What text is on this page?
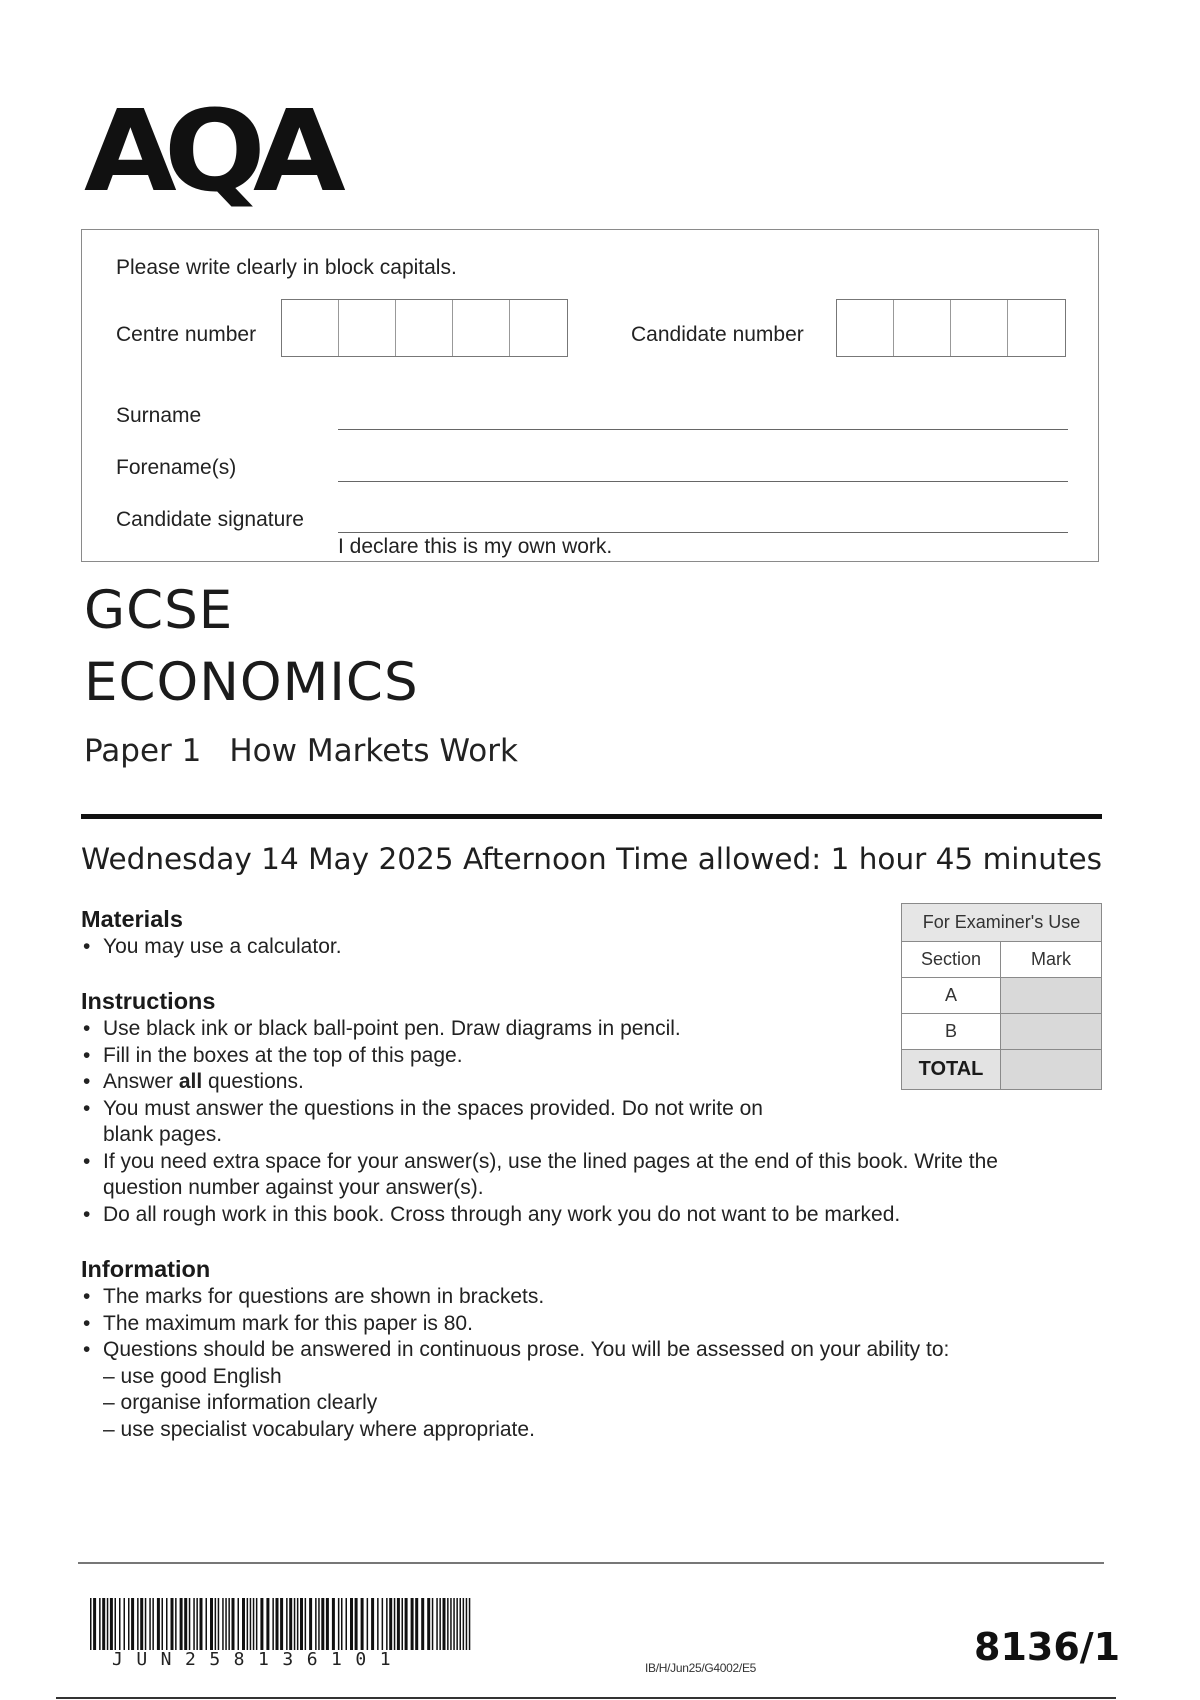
AQA
Please write clearly in block capitals.
Centre number	Candidate number
Surname
Forename(s)
Candidate signature
I declare this is my own work.
GCSE
ECONOMICS
Paper 1 How Markets Work
Wednesday 14 May 2025 Afternoon Time allowed: 1 hour 45 minutes
Materials
• You may use a calculator.
Instructions
• Use black ink or black ball-point pen. Draw diagrams in pencil.
• Fill in the boxes at the top of this page.
• Answer all questions.
• You must answer the questions in the spaces provided. Do not write on
blank pages.
• If you need extra space for your answer(s), use the lined pages at the end of this book. Write the
question number against your answer(s).
• Do all rough work in this book. Cross through any work you do not want to be marked.
Information
• The marks for questions are shown in brackets.
• The maximum mark for this paper is 80.
• Questions should be answered in continuous prose. You will be assessed on your ability to:
– use good English
– organise information clearly
– use specialist vocabulary where appropriate.
For Examiner's Use	
Section	Mark
A	
B	
TOTAL	
JUN258136101	IB/H/Jun25/G4002/E5	8136/1
